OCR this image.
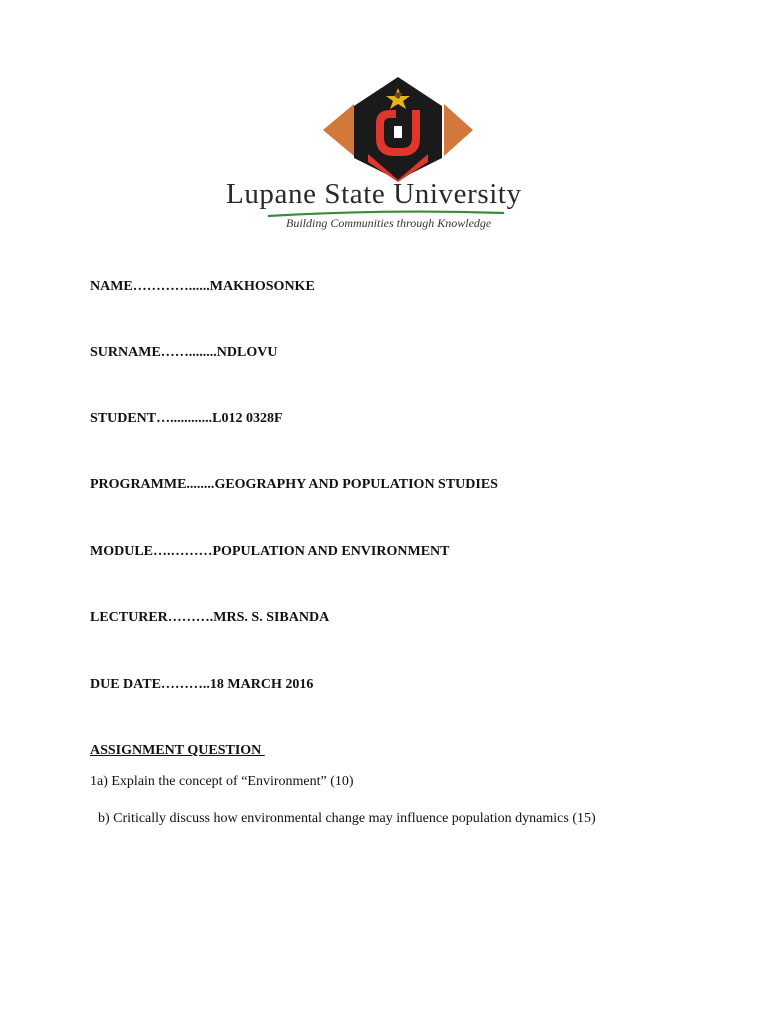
Lupane State University
Building Communities through Knowledge
NAME…………......MAKHOSONKE
SURNAME……........NDLOVU
STUDENT…............L012 0328F
PROGRAMME........GEOGRAPHY AND POPULATION STUDIES
MODULE….………POPULATION AND ENVIRONMENT
LECTURER……….MRS. S. SIBANDA
DUE DATE………..18 MARCH 2016
ASSIGNMENT QUESTION
1a) Explain the concept of “Environment” (10)
b) Critically discuss how environmental change may influence population dynamics (15)
